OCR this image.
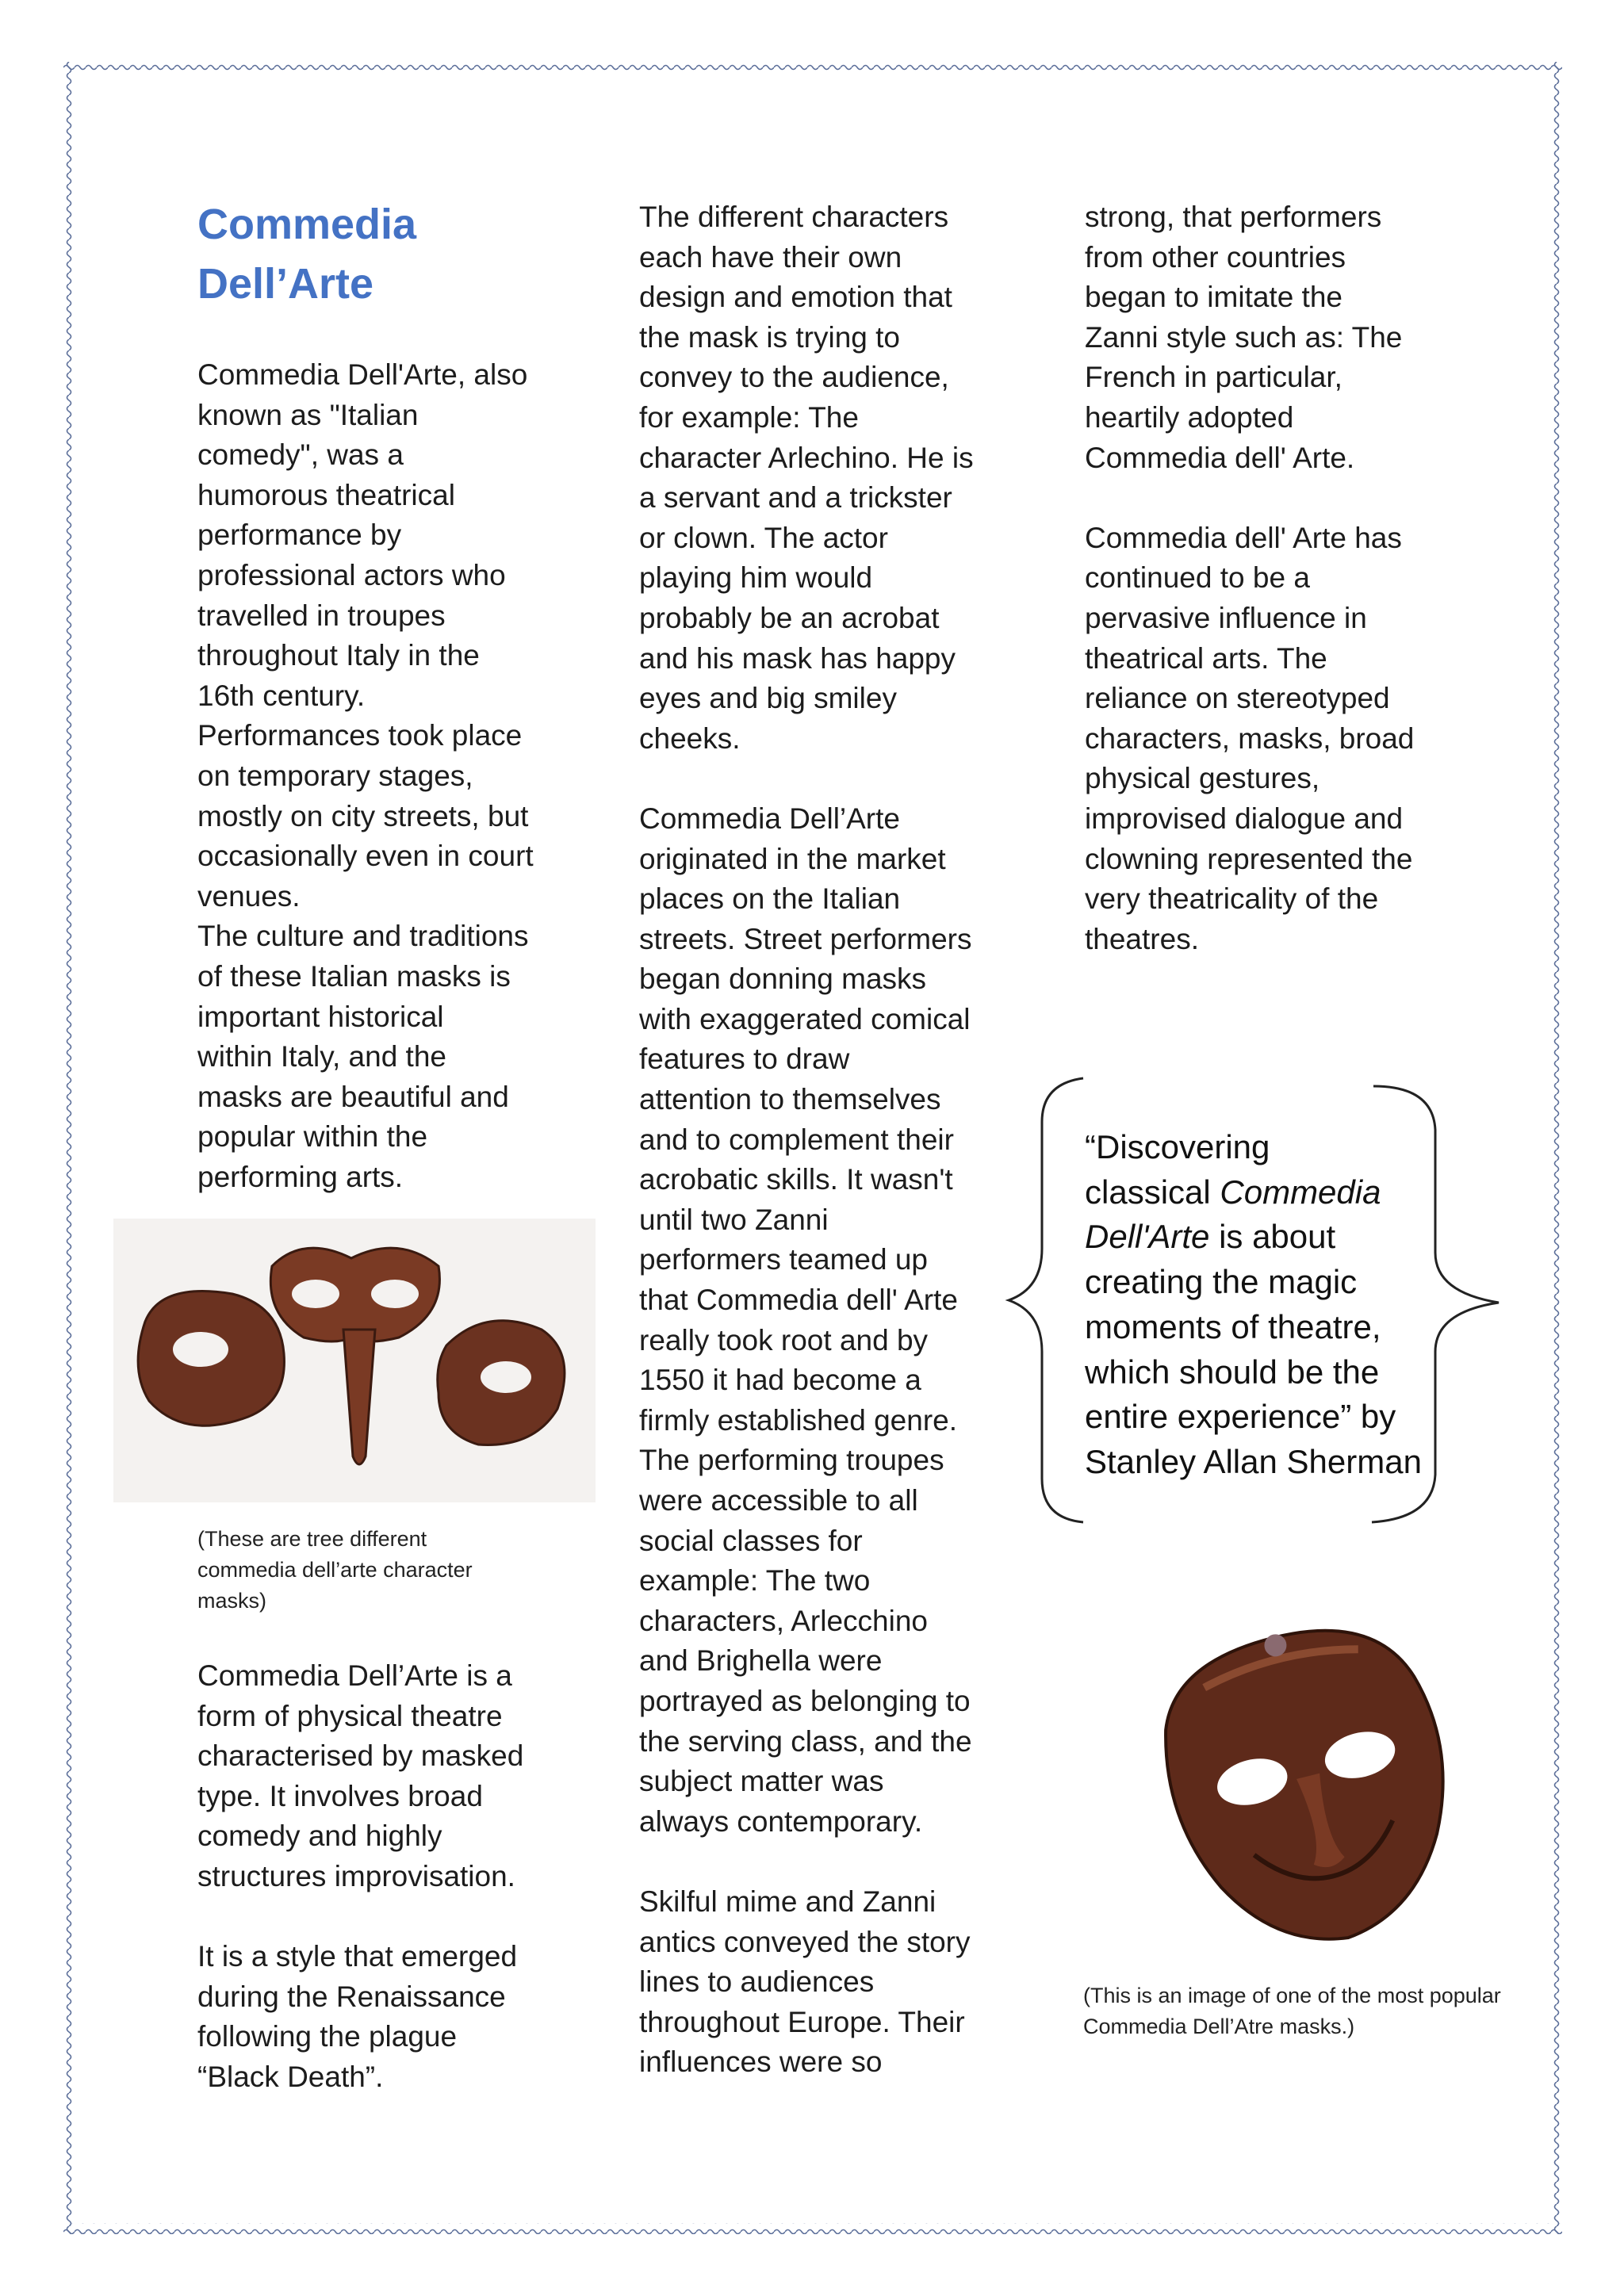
Commedia

Dell’Arte

Commedia Dell'Arte, also

known as "Italian

comedy", was a

humorous theatrical

performance by

professional actors who

travelled in troupes

throughout Italy in the

16th century.

Performances took place

on temporary stages,

mostly on city streets, but

occasionally even in court

venues.

The culture and traditions

of these Italian masks is

important historical

within Italy, and the

masks are beautiful and

popular within the

performing arts.

(These are tree different

commedia dell’arte character

masks)

Commedia Dell’Arte is a

form of physical theatre

characterised by masked

type. It involves broad

comedy and highly

structures improvisation.

It is a style that emerged

during the Renaissance

following the plague

“Black Death”.

The different characters

each have their own

design and emotion that

the mask is trying to

convey to the audience,

for example: The

character Arlechino. He is

a servant and a trickster

or clown. The actor

playing him would

probably be an acrobat

and his mask has happy

eyes and big smiley

cheeks.

Commedia Dell’Arte

originated in the market

places on the Italian

streets. Street performers

began donning masks

with exaggerated comical

features to draw

attention to themselves

and to complement their

acrobatic skills. It wasn't

until two Zanni

performers teamed up

that Commedia dell' Arte

really took root and by

1550 it had become a

firmly established genre.

The performing troupes

were accessible to all

social classes for

example: The two

characters, Arlecchino

and Brighella were

portrayed as belonging to

the serving class, and the

subject matter was

always contemporary.

Skilful mime and Zanni

antics conveyed the story

lines to audiences

throughout Europe. Their

influences were so

strong, that performers

from other countries

began to imitate the

Zanni style such as: The

French in particular,

heartily adopted

Commedia dell' Arte.

Commedia dell' Arte has

continued to be a

pervasive influence in

theatrical arts. The

reliance on stereotyped

characters, masks, broad

physical gestures,

improvised dialogue and

clowning represented the

very theatricality of the

theatres.

“Discovering

classical Commedia

Dell'Arte is about

creating the magic

moments of theatre,

which should be the

entire experience” by

Stanley Allan Sherman

(This is an image of one of the most popular

Commedia Dell’Atre masks.)
